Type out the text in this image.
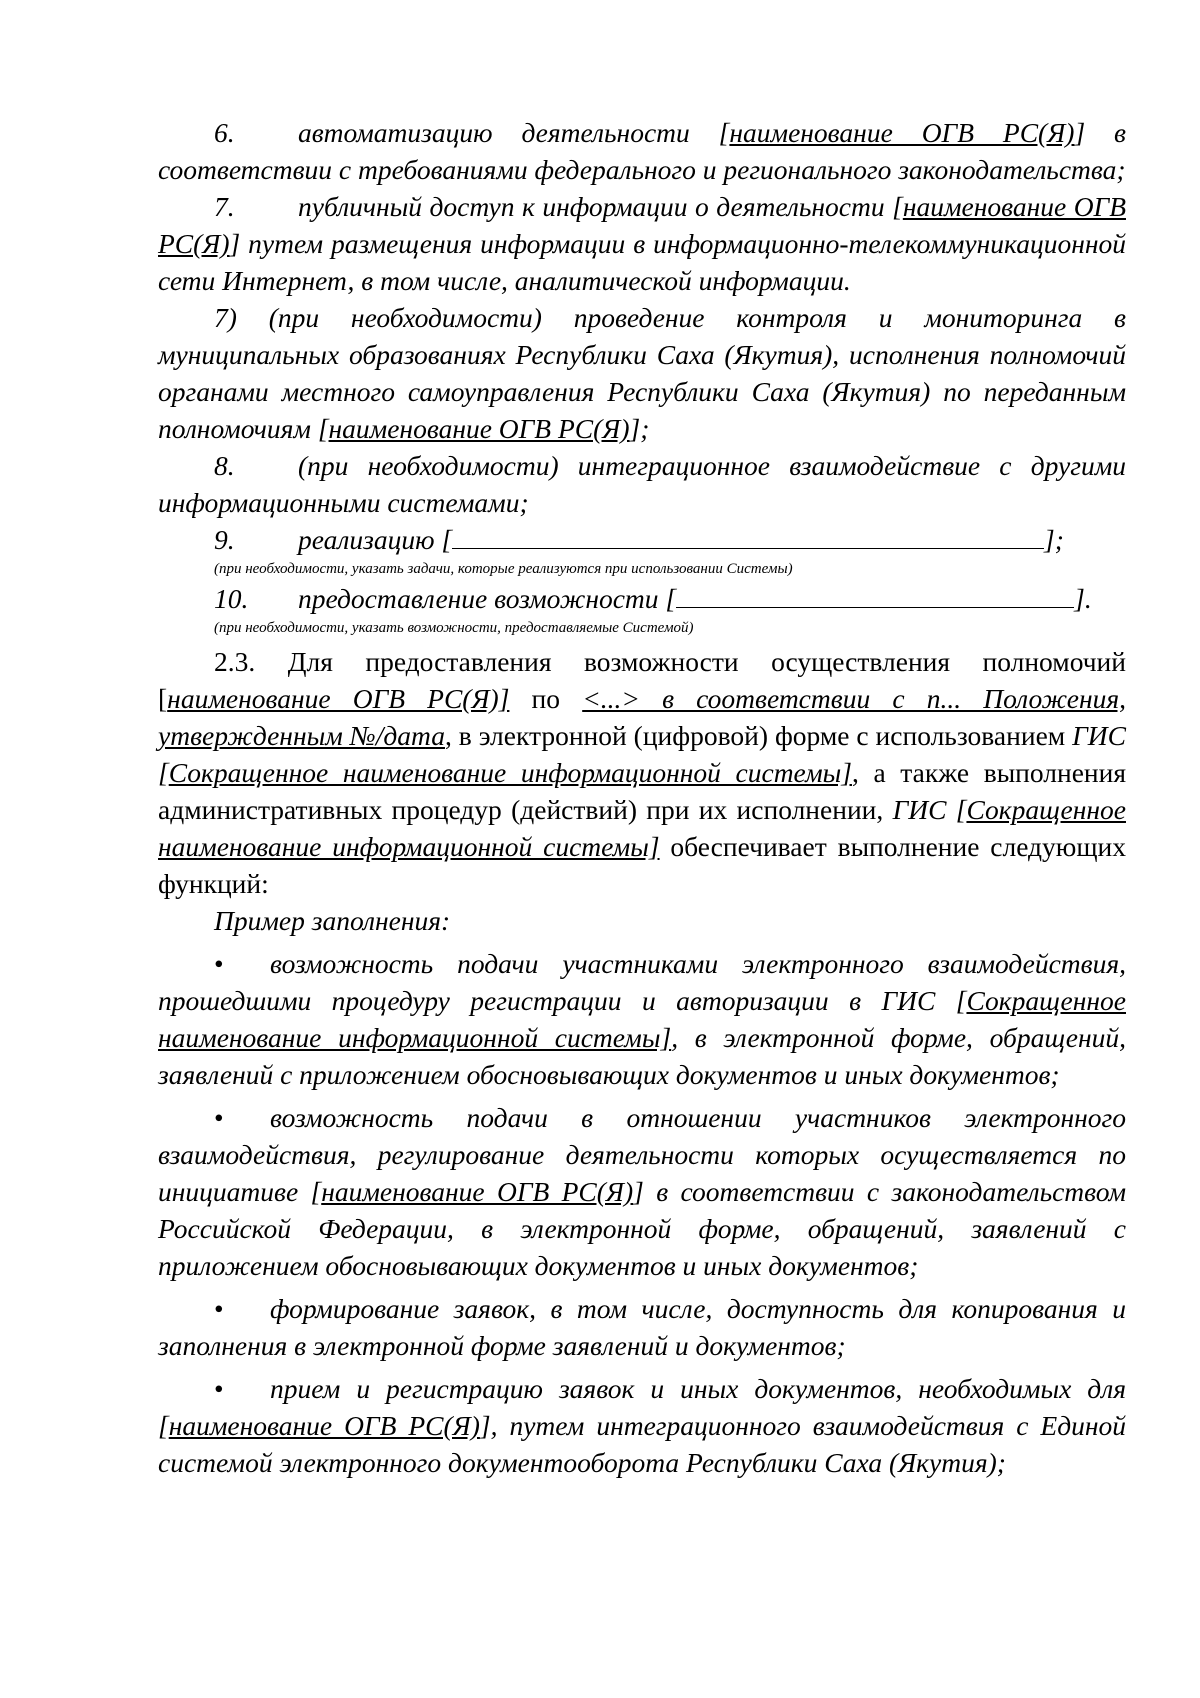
6. автоматизацию деятельности [наименование ОГВ РС(Я)] в соответствии с требованиями федерального и регионального законодательства;

7. публичный доступ к информации о деятельности [наименование ОГВ РС(Я)] путем размещения информации в информационно-телекоммуникационной сети Интернет, в том числе, аналитической информации.

7) (при необходимости) проведение контроля и мониторинга в муниципальных образованиях Республики Саха (Якутия), исполнения полномочий органами местного самоуправления Республики Саха (Якутия) по переданным полномочиям [наименование ОГВ РС(Я)];

8. (при необходимости) интеграционное взаимодействие с другими информационными системами;

9. реализацию [	];

(при необходимости, указать задачи, которые реализуются при использовании Системы)

10. предоставление возможности [	].

(при необходимости, указать возможности, предоставляемые Системой)

2.3. Для предоставления возможности осуществления полномочий [наименование ОГВ РС(Я)] по <...> в соответствии с п... Положения, утвержденным №/дата, в электронной (цифровой) форме с использованием ГИС [Сокращенное наименование информационной системы], а также выполнения административных процедур (действий) при их исполнении, ГИС [Сокращенное наименование информационной системы] обеспечивает выполнение следующих функций:

Пример заполнения:

• возможность подачи участниками электронного взаимодействия, прошедшими процедуру регистрации и авторизации в ГИС [Сокращенное наименование информационной системы], в электронной форме, обращений, заявлений с приложением обосновывающих документов и иных документов;

• возможность подачи в отношении участников электронного взаимодействия, регулирование деятельности которых осуществляется по инициативе [наименование ОГВ РС(Я)] в соответствии с законодательством Российской Федерации, в электронной форме, обращений, заявлений с приложением обосновывающих документов и иных документов;

• формирование заявок, в том числе, доступность для копирования и заполнения в электронной форме заявлений и документов;

• прием и регистрацию заявок и иных документов, необходимых для [наименование ОГВ РС(Я)], путем интеграционного взаимодействия с Единой системой электронного документооборота Республики Саха (Якутия);
